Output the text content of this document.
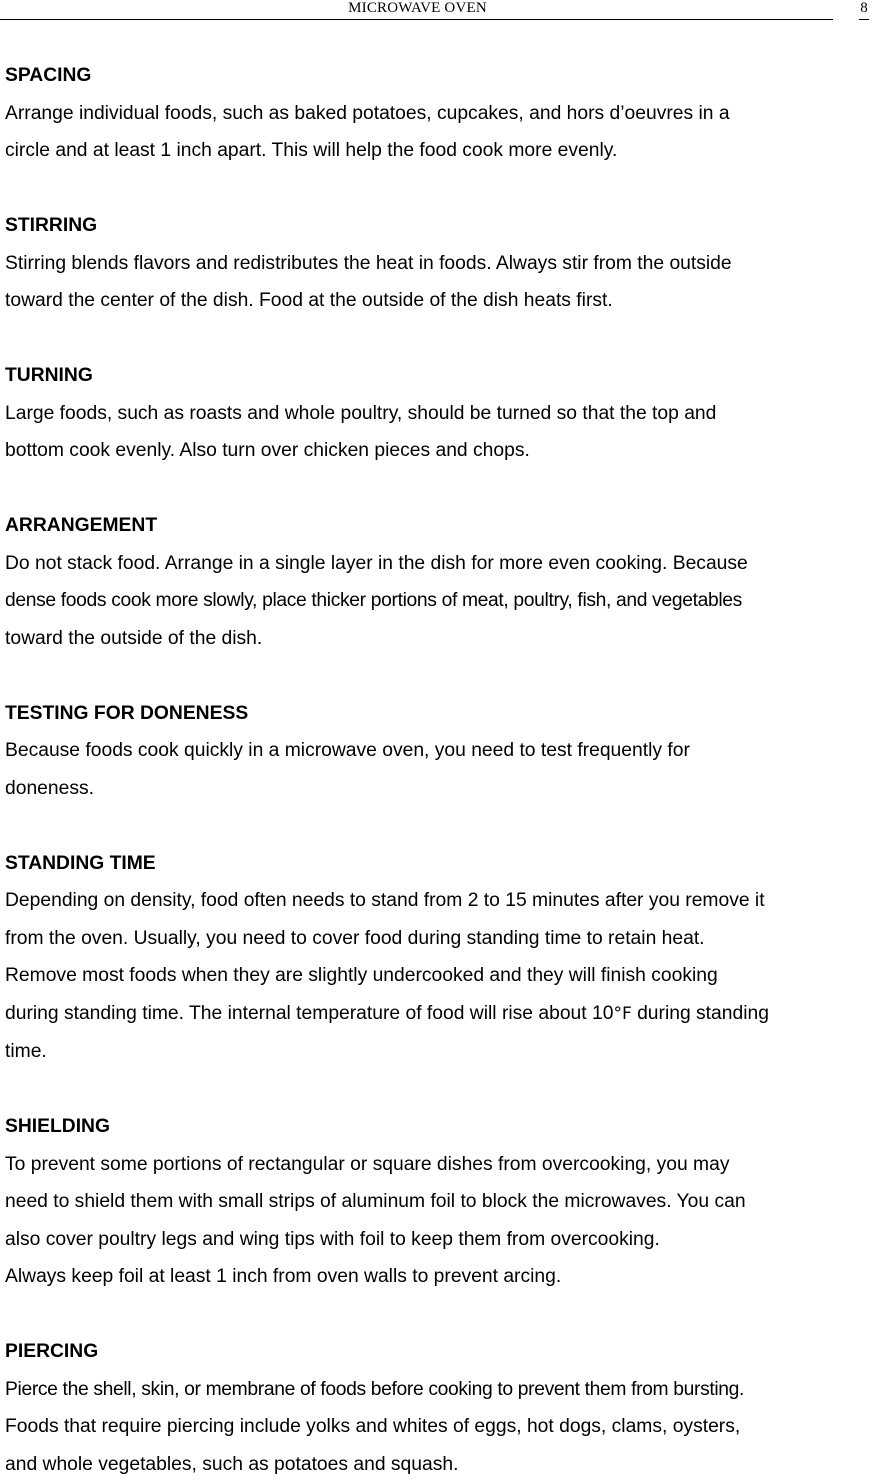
MICROWAVE OVEN	8

SPACING

Arrange individual foods, such as baked potatoes, cupcakes, and hors d’oeuvres in a

circle and at least 1 inch apart. This will help the food cook more evenly.

STIRRING

Stirring blends flavors and redistributes the heat in foods. Always stir from the outside

toward the center of the dish. Food at the outside of the dish heats first.

TURNING

Large foods, such as roasts and whole poultry, should be turned so that the top and

bottom cook evenly. Also turn over chicken pieces and chops.

ARRANGEMENT

Do not stack food. Arrange in a single layer in the dish for more even cooking. Because

dense foods cook more slowly, place thicker portions of meat, poultry, fish, and vegetables

toward the outside of the dish.

TESTING FOR DONENESS

Because foods cook quickly in a microwave oven, you need to test frequently for

doneness.

STANDING TIME

Depending on density, food often needs to stand from 2 to 15 minutes after you remove it

from the oven. Usually, you need to cover food during standing time to retain heat.

Remove most foods when they are slightly undercooked and they will finish cooking

during standing time. The internal temperature of food will rise about 10°F during standing

time.

SHIELDING

To prevent some portions of rectangular or square dishes from overcooking, you may

need to shield them with small strips of aluminum foil to block the microwaves. You can

also cover poultry legs and wing tips with foil to keep them from overcooking.

Always keep foil at least 1 inch from oven walls to prevent arcing.

PIERCING

Pierce the shell, skin, or membrane of foods before cooking to prevent them from bursting.

Foods that require piercing include yolks and whites of eggs, hot dogs, clams, oysters,

and whole vegetables, such as potatoes and squash.
